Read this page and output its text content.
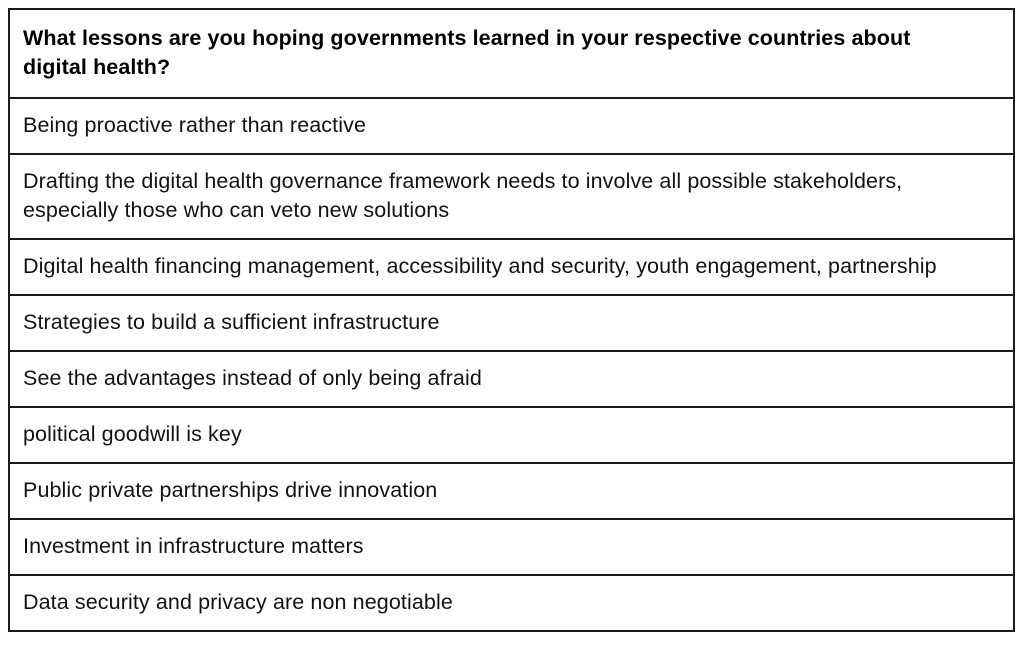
What lessons are you hoping governments learned in your respective countries about digital health?
Being proactive rather than reactive
Drafting the digital health governance framework needs to involve all possible stakeholders, especially those who can veto new solutions
Digital health financing management, accessibility and security, youth engagement, partnership
Strategies to build a sufficient infrastructure
See the advantages instead of only being afraid
political goodwill is key
Public private partnerships drive innovation
Investment in infrastructure matters
Data security and privacy are non negotiable
